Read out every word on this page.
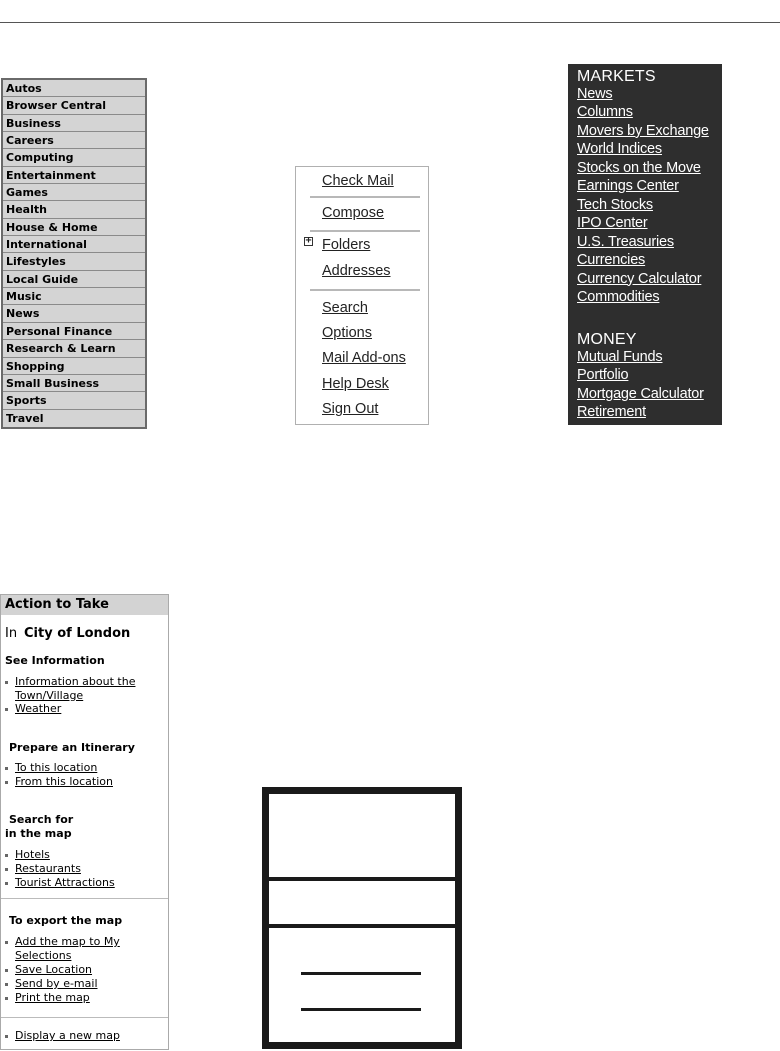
Autos
Browser Central
Business
Careers
Computing
Entertainment
Games
Health
House & Home
International
Lifestyles
Local Guide
Music
News
Personal Finance
Research & Learn
Shopping
Small Business
Sports
Travel
Check Mail
Compose
+ Folders
Addresses
Search
Options
Mail Add-ons
Help Desk
Sign Out
MARKETS
MONEY
News
Columns
Movers by Exchange
World Indices
Stocks on the Move
Earnings Center
Tech Stocks
IPO Center
U.S. Treasuries
Currencies
Currency Calculator
Commodities
Mutual Funds
Portfolio
Mortgage Calculator
Retirement
Action to Take
In City of London
See Information
Information about the
Town/Village
Weather
Prepare an Itinerary
To this location
From this location
Search for
in the map
Hotels
Restaurants
Tourist Attractions
To export the map
Add the map to My
Selections
Save Location
Send by e-mail
Print the map
Display a new map
